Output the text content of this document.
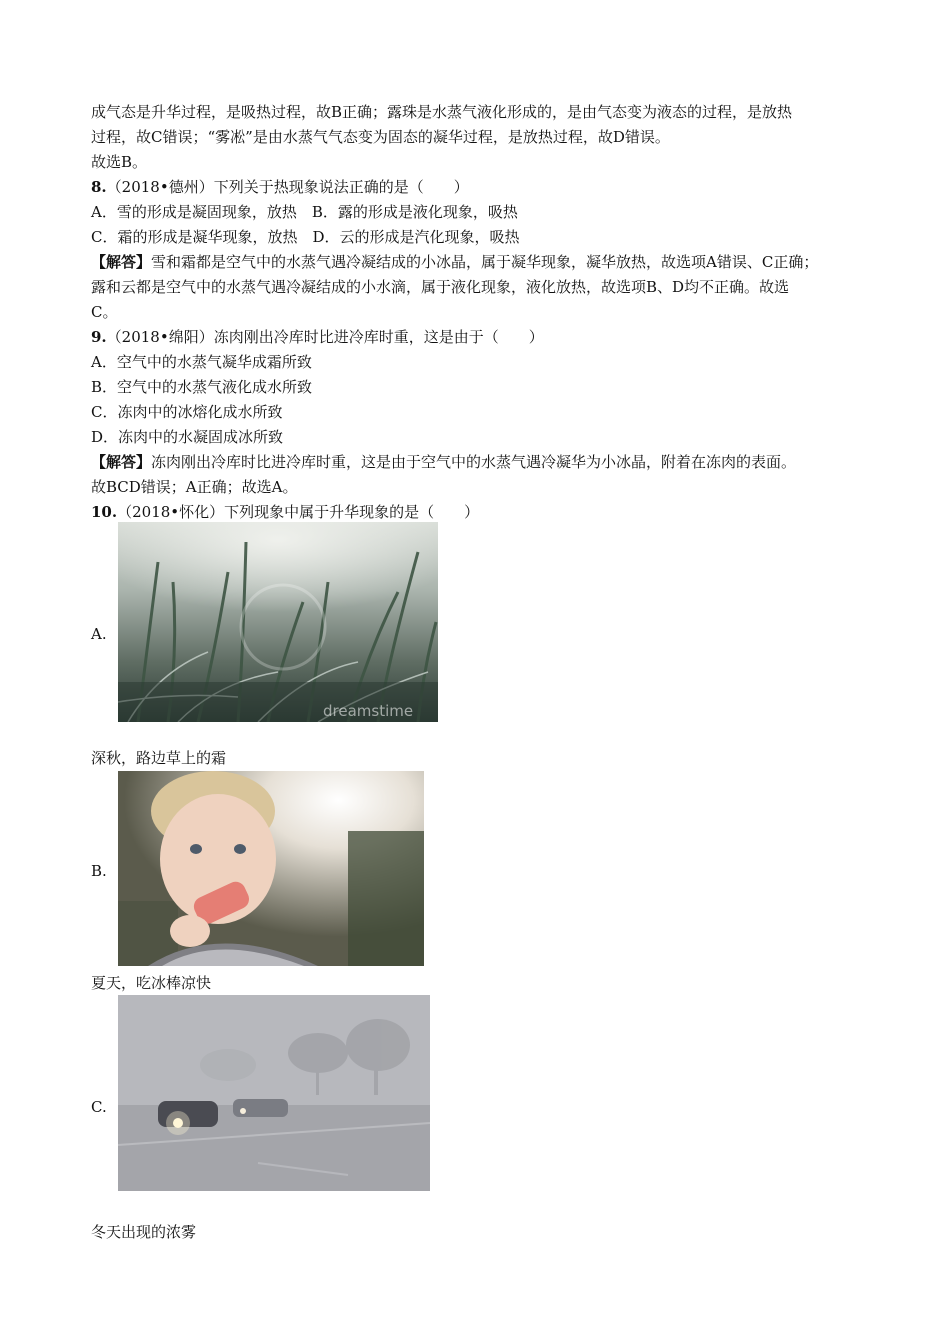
成气态是升华过程，是吸热过程，故B正确；露珠是水蒸气液化形成的，是由气态变为液态的过程，是放热
过程，故C错误；“雾凇”是由水蒸气气态变为固态的凝华过程，是放热过程，故D错误。
故选B。
8.（2018•德州）下列关于热现象说法正确的是（　　）
A．雪的形成是凝固现象，放热　B．露的形成是液化现象，吸热
C．霜的形成是凝华现象，放热　D．云的形成是汽化现象，吸热
【解答】雪和霜都是空气中的水蒸气遇冷凝结成的小冰晶，属于凝华现象，凝华放热，故选项A错误、C正确；
露和云都是空气中的水蒸气遇冷凝结成的小水滴，属于液化现象，液化放热，故选项B、D均不正确。故选
C。
9.（2018•绵阳）冻肉刚出冷库时比进冷库时重，这是由于（　　）
A．空气中的水蒸气凝华成霜所致
B．空气中的水蒸气液化成水所致
C．冻肉中的冰熔化成水所致
D．冻肉中的水凝固成冰所致
【解答】冻肉刚出冷库时比进冷库时重，这是由于空气中的水蒸气遇冷凝华为小冰晶，附着在冻肉的表面。
故BCD错误；A正确；故选A。
10.（2018•怀化）下列现象中属于升华现象的是（　　）
A.
dreamstime
深秋，路边草上的霜
B.
夏天，吃冰棒凉快
C.
冬天出现的浓雾
